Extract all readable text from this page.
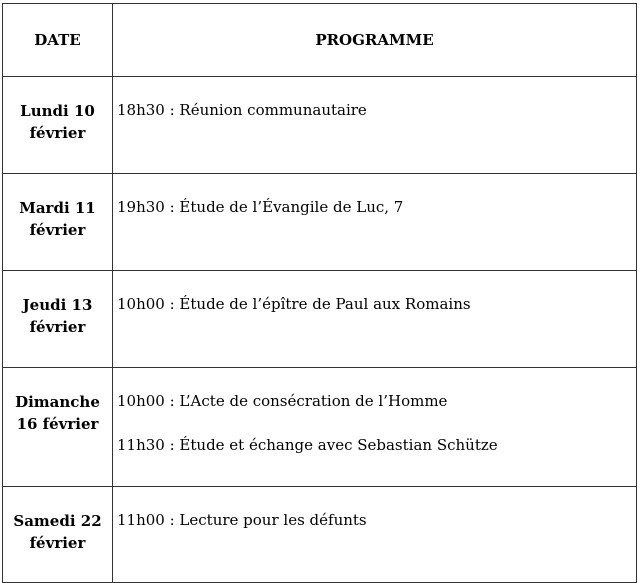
DATE	PROGRAMME

Lundi 10
février	18h30 : Réunion communautaire

Mardi 11
février	19h30 : Étude de l’Évangile de Luc, 7

Jeudi 13
février	10h00 : Étude de l’épître de Paul aux Romains

Dimanche
16 février	10h00 : L’Acte de consécration de l’Homme
11h30 : Étude et échange avec Sebastian Schütze

Samedi 22
février	11h00 : Lecture pour les défunts
